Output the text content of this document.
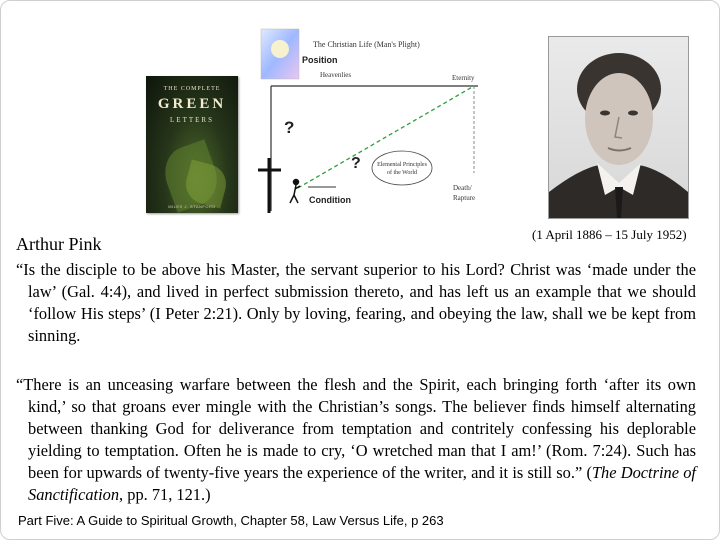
THE COMPLETE
GREEN
LETTERS
MILES J. STANFORD
The Christian Life (Man's Plight)
Position
Heavenlies	Eternity
?
?	Elemental Principles
of the World
Condition
Death/
Rapture

(1 April 1886 – 15 July 1952)

Arthur Pink

“Is the disciple to be above his Master, the servant superior to his Lord? Christ was ‘made under the law’ (Gal. 4:4), and lived in perfect submission thereto, and has left us an example that we should ‘follow His steps’ (I Peter 2:21). Only by loving, fearing, and obeying the law, shall we be kept from sinning.

“There is an unceasing warfare between the flesh and the Spirit, each bringing forth ‘after its own kind,’ so that groans ever mingle with the Christian’s songs. The believer finds himself alternating between thanking God for deliverance from temptation and contritely confessing his deplorable yielding to temptation. Often he is made to cry, ‘O wretched man that I am!’ (Rom. 7:24). Such has been for upwards of twenty-five years the experience of the writer, and it is still so.” (The Doctrine of Sanctification, pp. 71, 121.)

Part Five: A Guide to Spiritual Growth, Chapter 58, Law Versus Life, p 263
